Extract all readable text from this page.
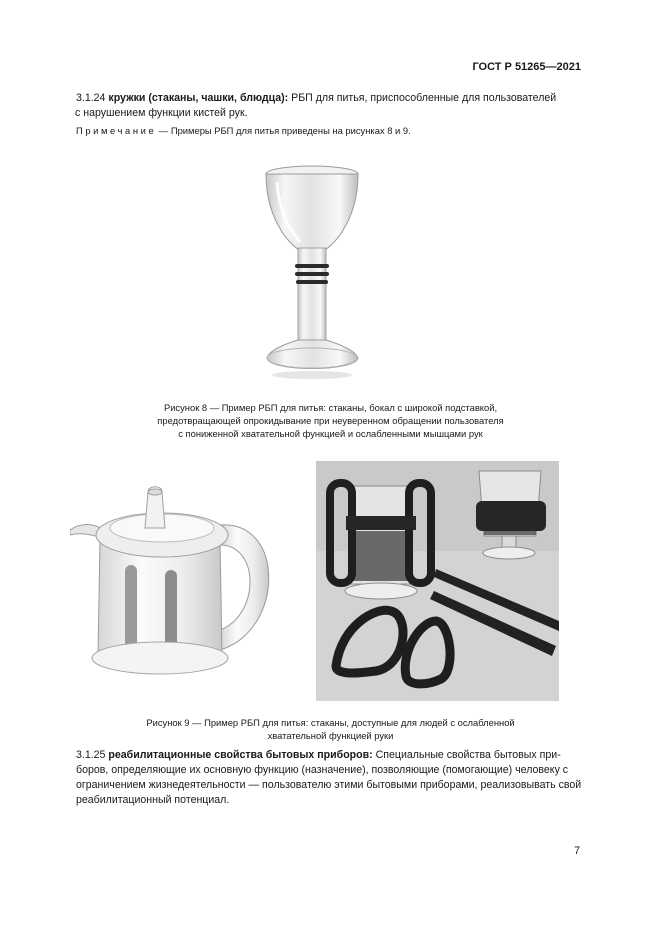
ГОСТ Р 51265—2021
3.1.24 кружки (стаканы, чашки, блюдца): РБП для питья, приспособленные для пользователей
с нарушением функции кистей рук.
Примечание — Примеры РБП для питья приведены на рисунках 8 и 9.
Рисунок 8 — Пример РБП для питья: стаканы, бокал с широкой подставкой,
предотвращающей опрокидывание при неуверенном обращении пользователя
с пониженной хватательной функцией и ослабленными мышцами рук
Рисунок 9 — Пример РБП для питья: стаканы, доступные для людей с ослабленной
хватательной функцией руки
3.1.25 реабилитационные свойства бытовых приборов: Специальные свойства бытовых при-
боров, определяющие их основную функцию (назначение), позволяющие (помогающие) человеку с
ограничением жизнедеятельности — пользователю этими бытовыми приборами, реализовывать свой
реабилитационный потенциал.
7
